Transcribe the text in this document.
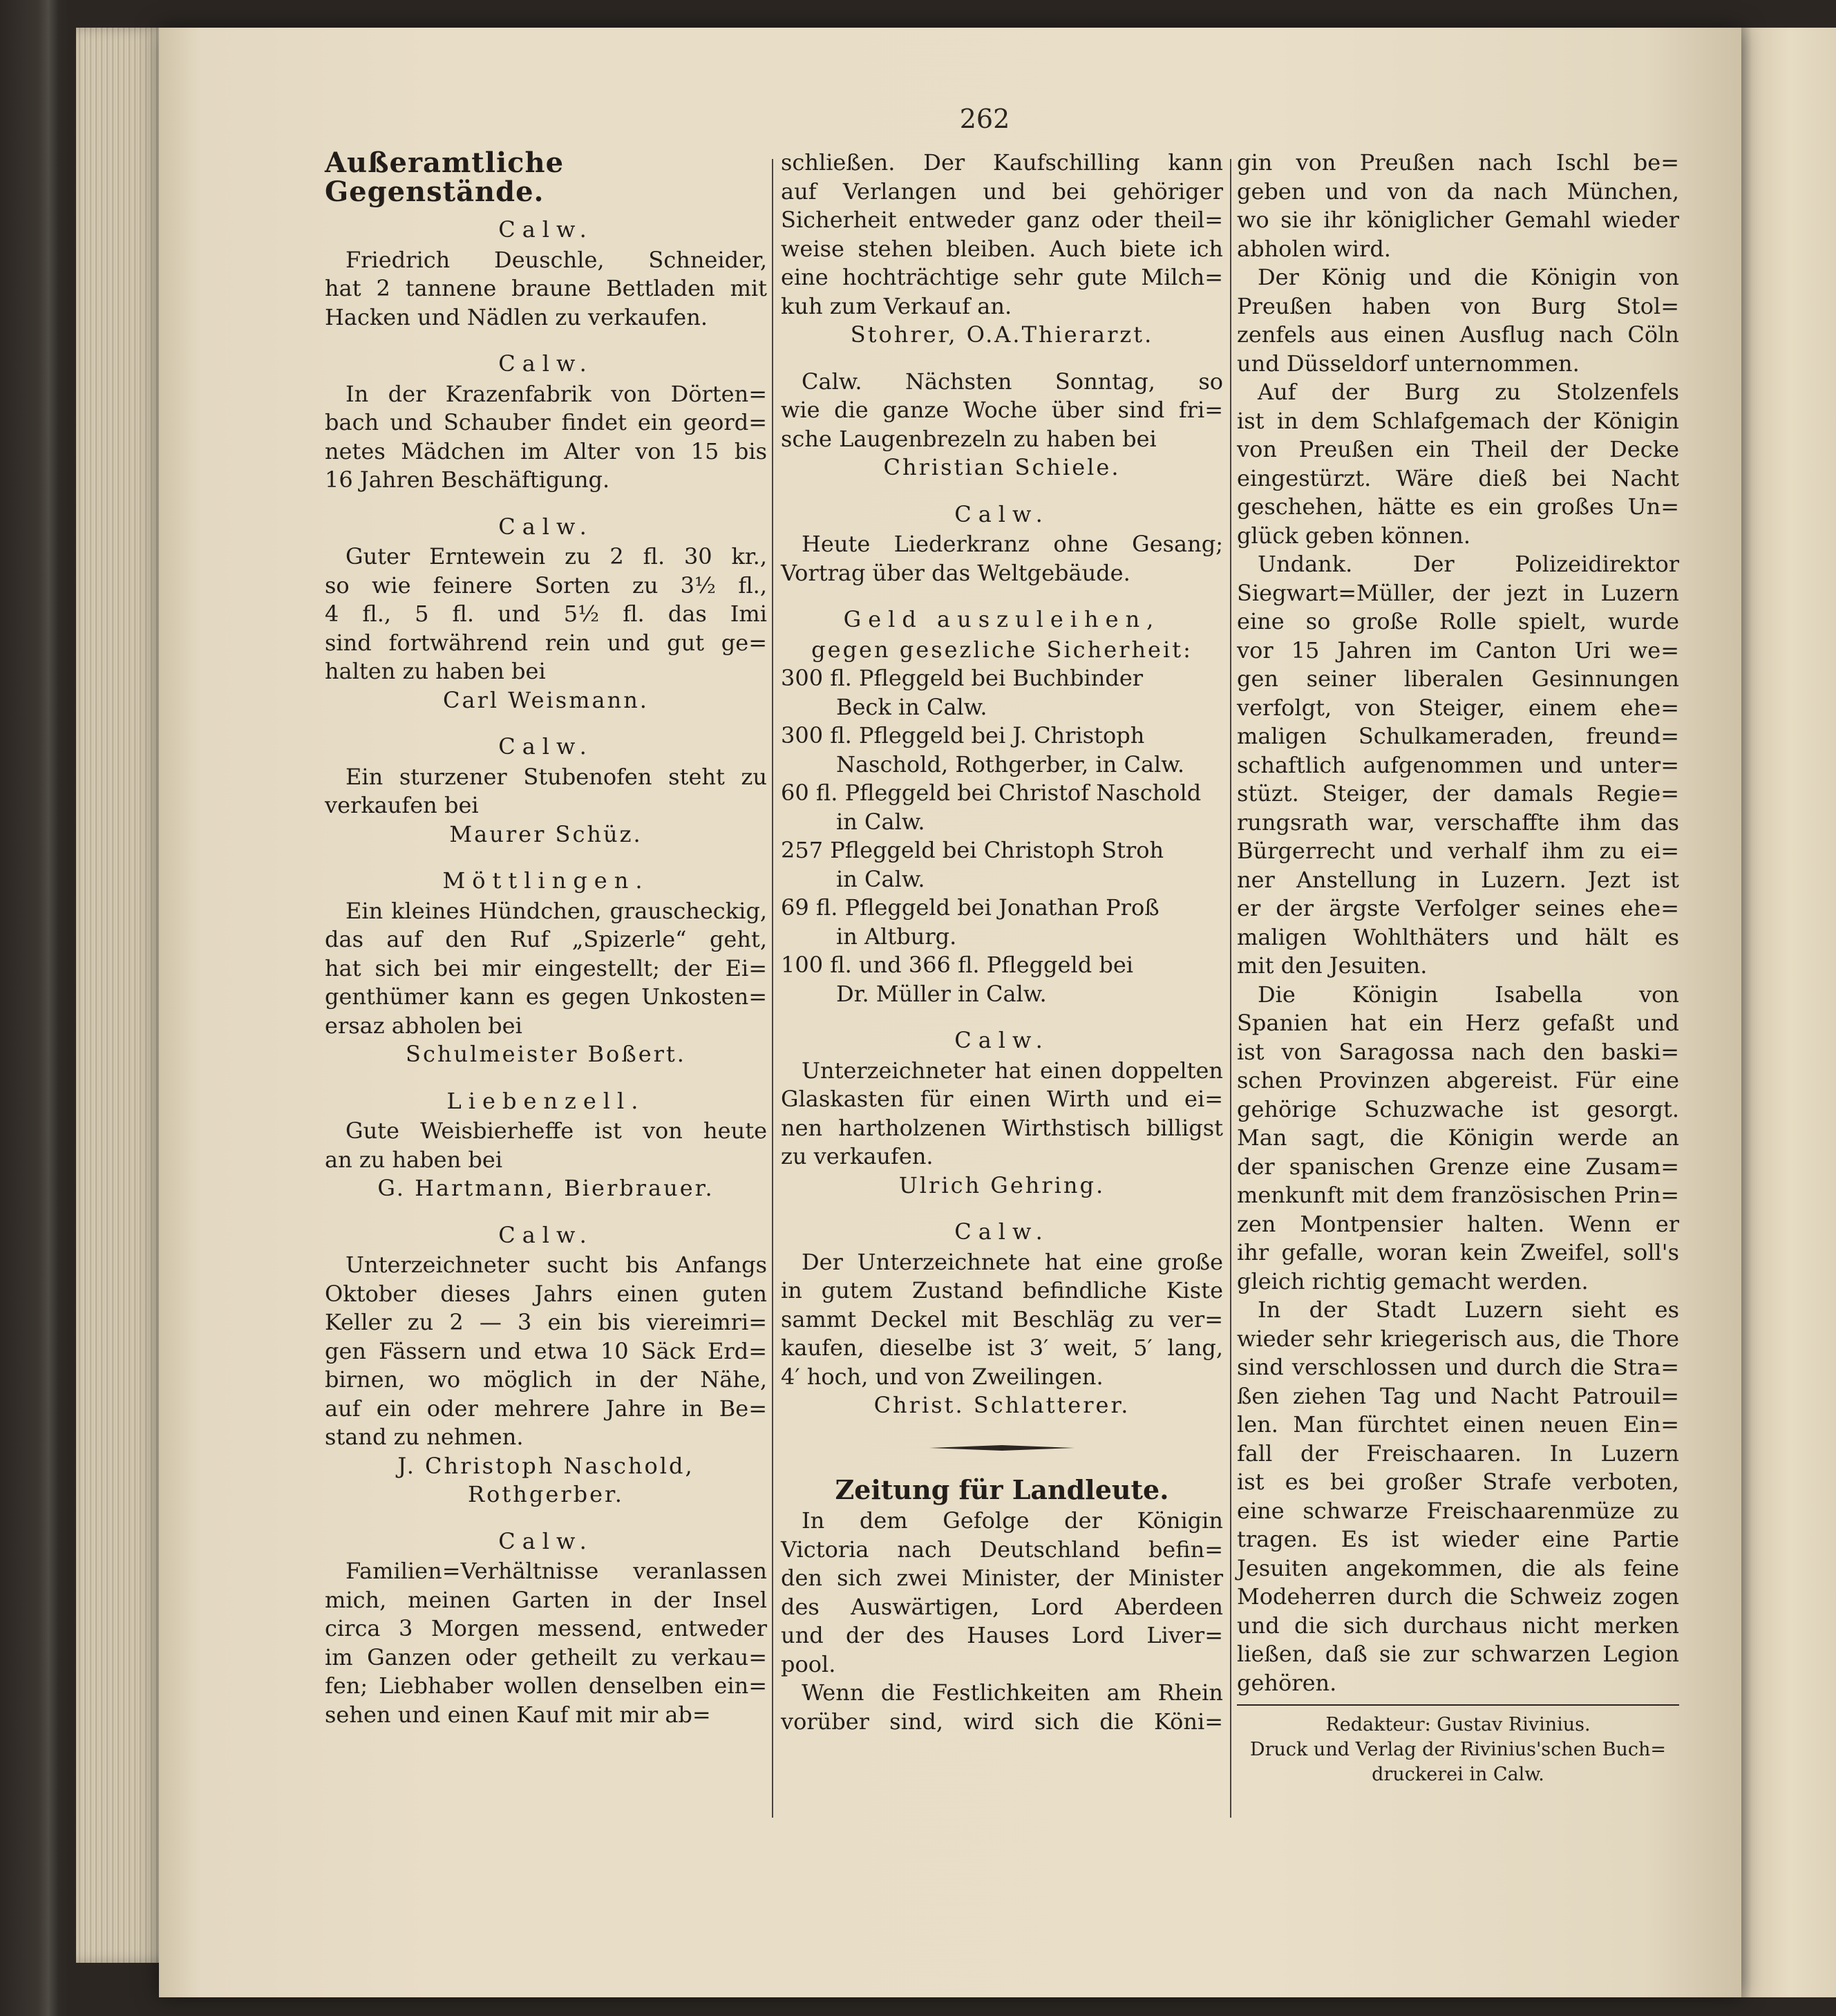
262
Außeramtliche Gegenstände.
Calw.
Friedrich Deuschle, Schneider,
hat 2 tannene braune Bettladen mit
Hacken und Nädlen zu verkaufen.
Calw.
In der Krazenfabrik von Dörten=
bach und Schauber findet ein geord=
netes Mädchen im Alter von 15 bis
16 Jahren Beschäftigung.
Calw.
Guter Erntewein zu 2 fl. 30 kr.,
so wie feinere Sorten zu 3½ fl.,
4 fl., 5 fl. und 5½ fl. das Imi
sind fortwährend rein und gut ge=
halten zu haben bei
Carl Weismann.
Calw.
Ein sturzener Stubenofen steht zu
verkaufen bei
Maurer Schüz.
Möttlingen.
Ein kleines Hündchen, grauscheckig,
das auf den Ruf „Spizerle“ geht,
hat sich bei mir eingestellt; der Ei=
genthümer kann es gegen Unkosten=
ersaz abholen bei
Schulmeister Boßert.
Liebenzell.
Gute Weisbierheffe ist von heute
an zu haben bei
G. Hartmann, Bierbrauer.
Calw.
Unterzeichneter sucht bis Anfangs
Oktober dieses Jahrs einen guten
Keller zu 2 — 3 ein bis viereimri=
gen Fässern und etwa 10 Säck Erd=
birnen, wo möglich in der Nähe,
auf ein oder mehrere Jahre in Be=
stand zu nehmen.
J. Christoph Naschold,
Rothgerber.
Calw.
Familien=Verhältnisse veranlassen
mich, meinen Garten in der Insel
circa 3 Morgen messend, entweder
im Ganzen oder getheilt zu verkau=
fen; Liebhaber wollen denselben ein=
sehen und einen Kauf mit mir ab=
schließen. Der Kaufschilling kann
auf Verlangen und bei gehöriger
Sicherheit entweder ganz oder theil=
weise stehen bleiben. Auch biete ich
eine hochträchtige sehr gute Milch=
kuh zum Verkauf an.
Stohrer, O.A.Thierarzt.
Calw. Nächsten Sonntag, so
wie die ganze Woche über sind fri=
sche Laugenbrezeln zu haben bei
Christian Schiele.
Calw.
Heute Liederkranz ohne Gesang;
Vortrag über das Weltgebäude.
Geld auszuleihen,
gegen gesezliche Sicherheit:
300 fl. Pfleggeld bei Buchbinder
Beck in Calw.
300 fl. Pfleggeld bei J. Christoph
Naschold, Rothgerber, in Calw.
60 fl. Pfleggeld bei Christof Naschold
in Calw.
257 Pfleggeld bei Christoph Stroh
in Calw.
69 fl. Pfleggeld bei Jonathan Proß
in Altburg.
100 fl. und 366 fl. Pfleggeld bei
Dr. Müller in Calw.
Calw.
Unterzeichneter hat einen doppelten
Glaskasten für einen Wirth und ei=
nen hartholzenen Wirthstisch billigst
zu verkaufen.
Ulrich Gehring.
Calw.
Der Unterzeichnete hat eine große
in gutem Zustand befindliche Kiste
sammt Deckel mit Beschläg zu ver=
kaufen, dieselbe ist 3′ weit, 5′ lang,
4′ hoch, und von Zweilingen.
Christ. Schlatterer.
Zeitung für Landleute.
In dem Gefolge der Königin
Victoria nach Deutschland befin=
den sich zwei Minister, der Minister
des Auswärtigen, Lord Aberdeen
und der des Hauses Lord Liver=
pool.
Wenn die Festlichkeiten am Rhein
vorüber sind, wird sich die Köni=
gin von Preußen nach Ischl be=
geben und von da nach München,
wo sie ihr königlicher Gemahl wieder
abholen wird.
Der König und die Königin von
Preußen haben von Burg Stol=
zenfels aus einen Ausflug nach Cöln
und Düsseldorf unternommen.
Auf der Burg zu Stolzenfels
ist in dem Schlafgemach der Königin
von Preußen ein Theil der Decke
eingestürzt. Wäre dieß bei Nacht
geschehen, hätte es ein großes Un=
glück geben können.
Undank. Der Polizeidirektor
Siegwart=Müller, der jezt in Luzern
eine so große Rolle spielt, wurde
vor 15 Jahren im Canton Uri we=
gen seiner liberalen Gesinnungen
verfolgt, von Steiger, einem ehe=
maligen Schulkameraden, freund=
schaftlich aufgenommen und unter=
stüzt. Steiger, der damals Regie=
rungsrath war, verschaffte ihm das
Bürgerrecht und verhalf ihm zu ei=
ner Anstellung in Luzern. Jezt ist
er der ärgste Verfolger seines ehe=
maligen Wohlthäters und hält es
mit den Jesuiten.
Die Königin Isabella von
Spanien hat ein Herz gefaßt und
ist von Saragossa nach den baski=
schen Provinzen abgereist. Für eine
gehörige Schuzwache ist gesorgt.
Man sagt, die Königin werde an
der spanischen Grenze eine Zusam=
menkunft mit dem französischen Prin=
zen Montpensier halten. Wenn er
ihr gefalle, woran kein Zweifel, soll's
gleich richtig gemacht werden.
In der Stadt Luzern sieht es
wieder sehr kriegerisch aus, die Thore
sind verschlossen und durch die Stra=
ßen ziehen Tag und Nacht Patrouil=
len. Man fürchtet einen neuen Ein=
fall der Freischaaren. In Luzern
ist es bei großer Strafe verboten,
eine schwarze Freischaarenmüze zu
tragen. Es ist wieder eine Partie
Jesuiten angekommen, die als feine
Modeherren durch die Schweiz zogen
und die sich durchaus nicht merken
ließen, daß sie zur schwarzen Legion
gehören.
Redakteur: Gustav Rivinius.
Druck und Verlag der Rivinius'schen Buch=
druckerei in Calw.
